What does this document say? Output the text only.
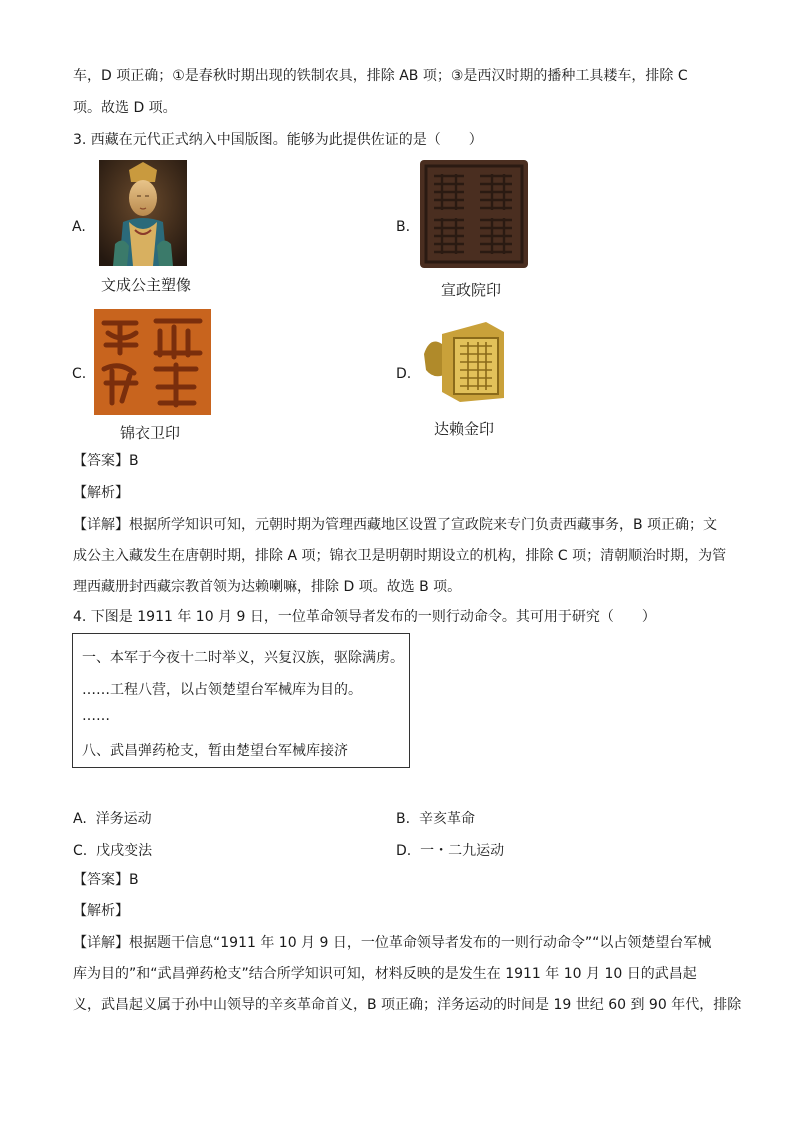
车，D 项正确；①是春秋时期出现的铁制农具，排除 AB 项；③是西汉时期的播种工具耧车，排除 C
项。故选 D 项。
3. 西藏在元代正式纳入中国版图。能够为此提供佐证的是（　　）
A.
文成公主塑像
B.
宣政院印
C.
锦衣卫印
D.
达赖金印
【答案】B
【解析】
【详解】根据所学知识可知，元朝时期为管理西藏地区设置了宣政院来专门负责西藏事务，B 项正确；文
成公主入藏发生在唐朝时期，排除 A 项；锦衣卫是明朝时期设立的机构，排除 C 项；清朝顺治时期，为管
理西藏册封西藏宗教首领为达赖喇嘛，排除 D 项。故选 B 项。
4. 下图是 1911 年 10 月 9 日，一位革命领导者发布的一则行动命令。其可用于研究（　　）
一、本军于今夜十二时举义，兴复汉族，驱除满虏。
……工程八营，以占领楚望台军械库为目的。
……
八、武昌弹药枪支，暂由楚望台军械库接济
A. 洋务运动	B. 辛亥革命
C. 戊戌变法	D. 一・二九运动
【答案】B
【解析】
【详解】根据题干信息“1911 年 10 月 9 日，一位革命领导者发布的一则行动命令”“以占领楚望台军械
库为目的”和“武昌弹药枪支”结合所学知识可知，材料反映的是发生在 1911 年 10 月 10 日的武昌起
义，武昌起义属于孙中山领导的辛亥革命首义，B 项正确；洋务运动的时间是 19 世纪 60 到 90 年代，排除
